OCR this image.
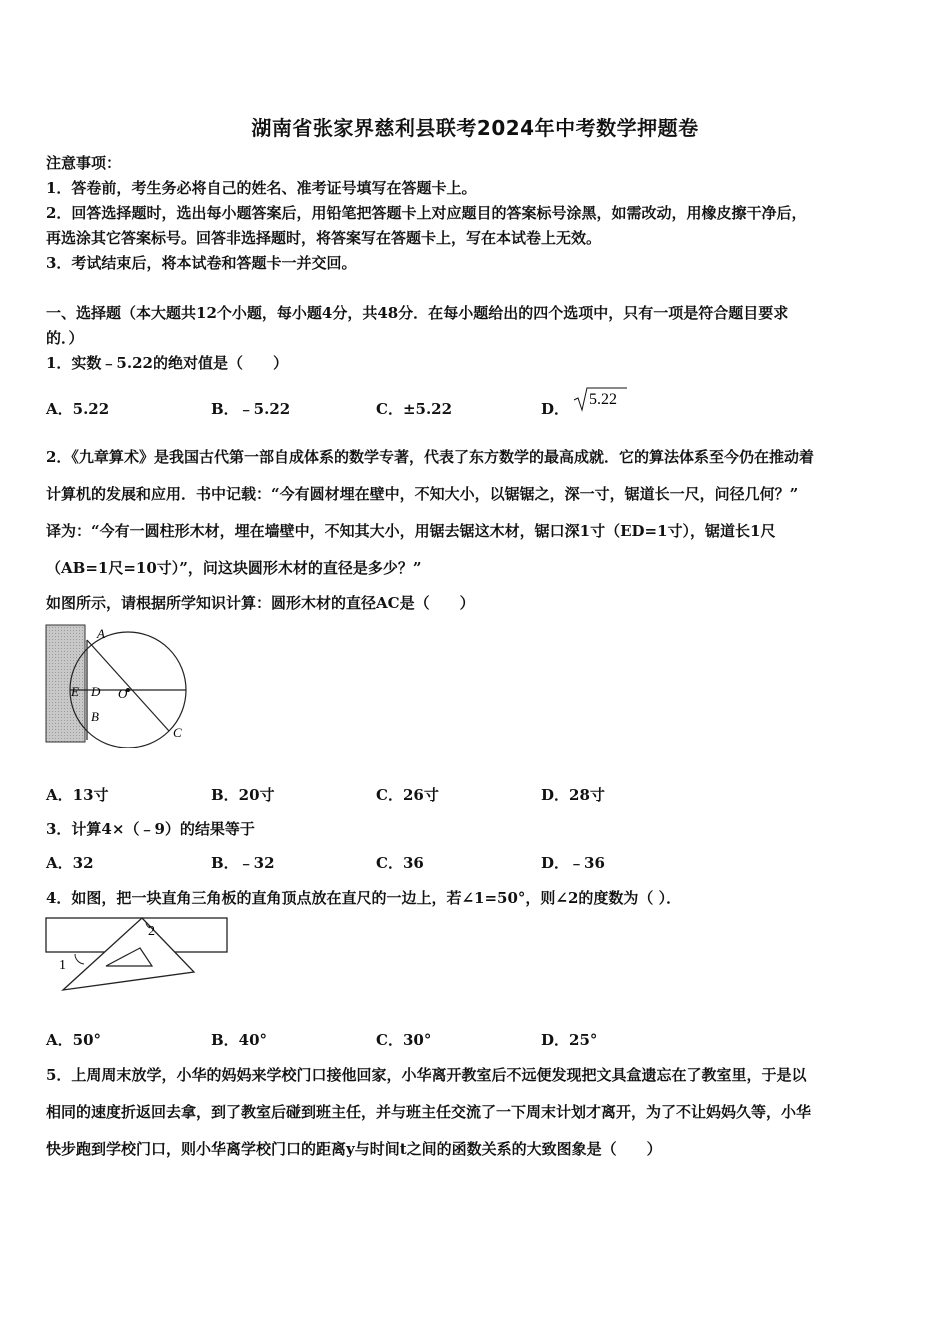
湖南省张家界慈利县联考2024年中考数学押题卷
注意事项：
1．答卷前，考生务必将自己的姓名、准考证号填写在答题卡上。
2．回答选择题时，选出每小题答案后，用铅笔把答题卡上对应题目的答案标号涂黑，如需改动，用橡皮擦干净后，
再选涂其它答案标号。回答非选择题时，将答案写在答题卡上，写在本试卷上无效。
3．考试结束后，将本试卷和答题卡一并交回。
一、选择题（本大题共12个小题，每小题4分，共48分．在每小题给出的四个选项中，只有一项是符合题目要求
的．）
1．实数﹣5.22的绝对值是（　　）
A．5.22	B．﹣5.22	C．±5.22	D．
5.22
2．《九章算术》是我国古代第一部自成体系的数学专著，代表了东方数学的最高成就．它的算法体系至今仍在推动着
计算机的发展和应用．书中记载：“今有圆材埋在壁中，不知大小，以锯锯之，深一寸，锯道长一尺，问径几何？”
译为：“今有一圆柱形木材，埋在墙壁中，不知其大小，用锯去锯这木材，锯口深1寸（ED=1寸），锯道长1尺
（AB=1尺=10寸）”，问这块圆形木材的直径是多少？”
如图所示，请根据所学知识计算：圆形木材的直径AC是（　　）
A
E D O
B
C
A．13寸	B．20寸	C．26寸	D．28寸
3．计算4×（﹣9）的结果等于
A．32	B．﹣32	C．36	D．﹣36
4．如图，把一块直角三角板的直角顶点放在直尺的一边上，若∠1=50°，则∠2的度数为（ ）．
1
2
A．50°	B．40°	C．30°	D．25°
5．上周周末放学，小华的妈妈来学校门口接他回家，小华离开教室后不远便发现把文具盒遗忘在了教室里，于是以
相同的速度折返回去拿，到了教室后碰到班主任，并与班主任交流了一下周末计划才离开，为了不让妈妈久等，小华
快步跑到学校门口，则小华离学校门口的距离y与时间t之间的函数关系的大致图象是（　　）
